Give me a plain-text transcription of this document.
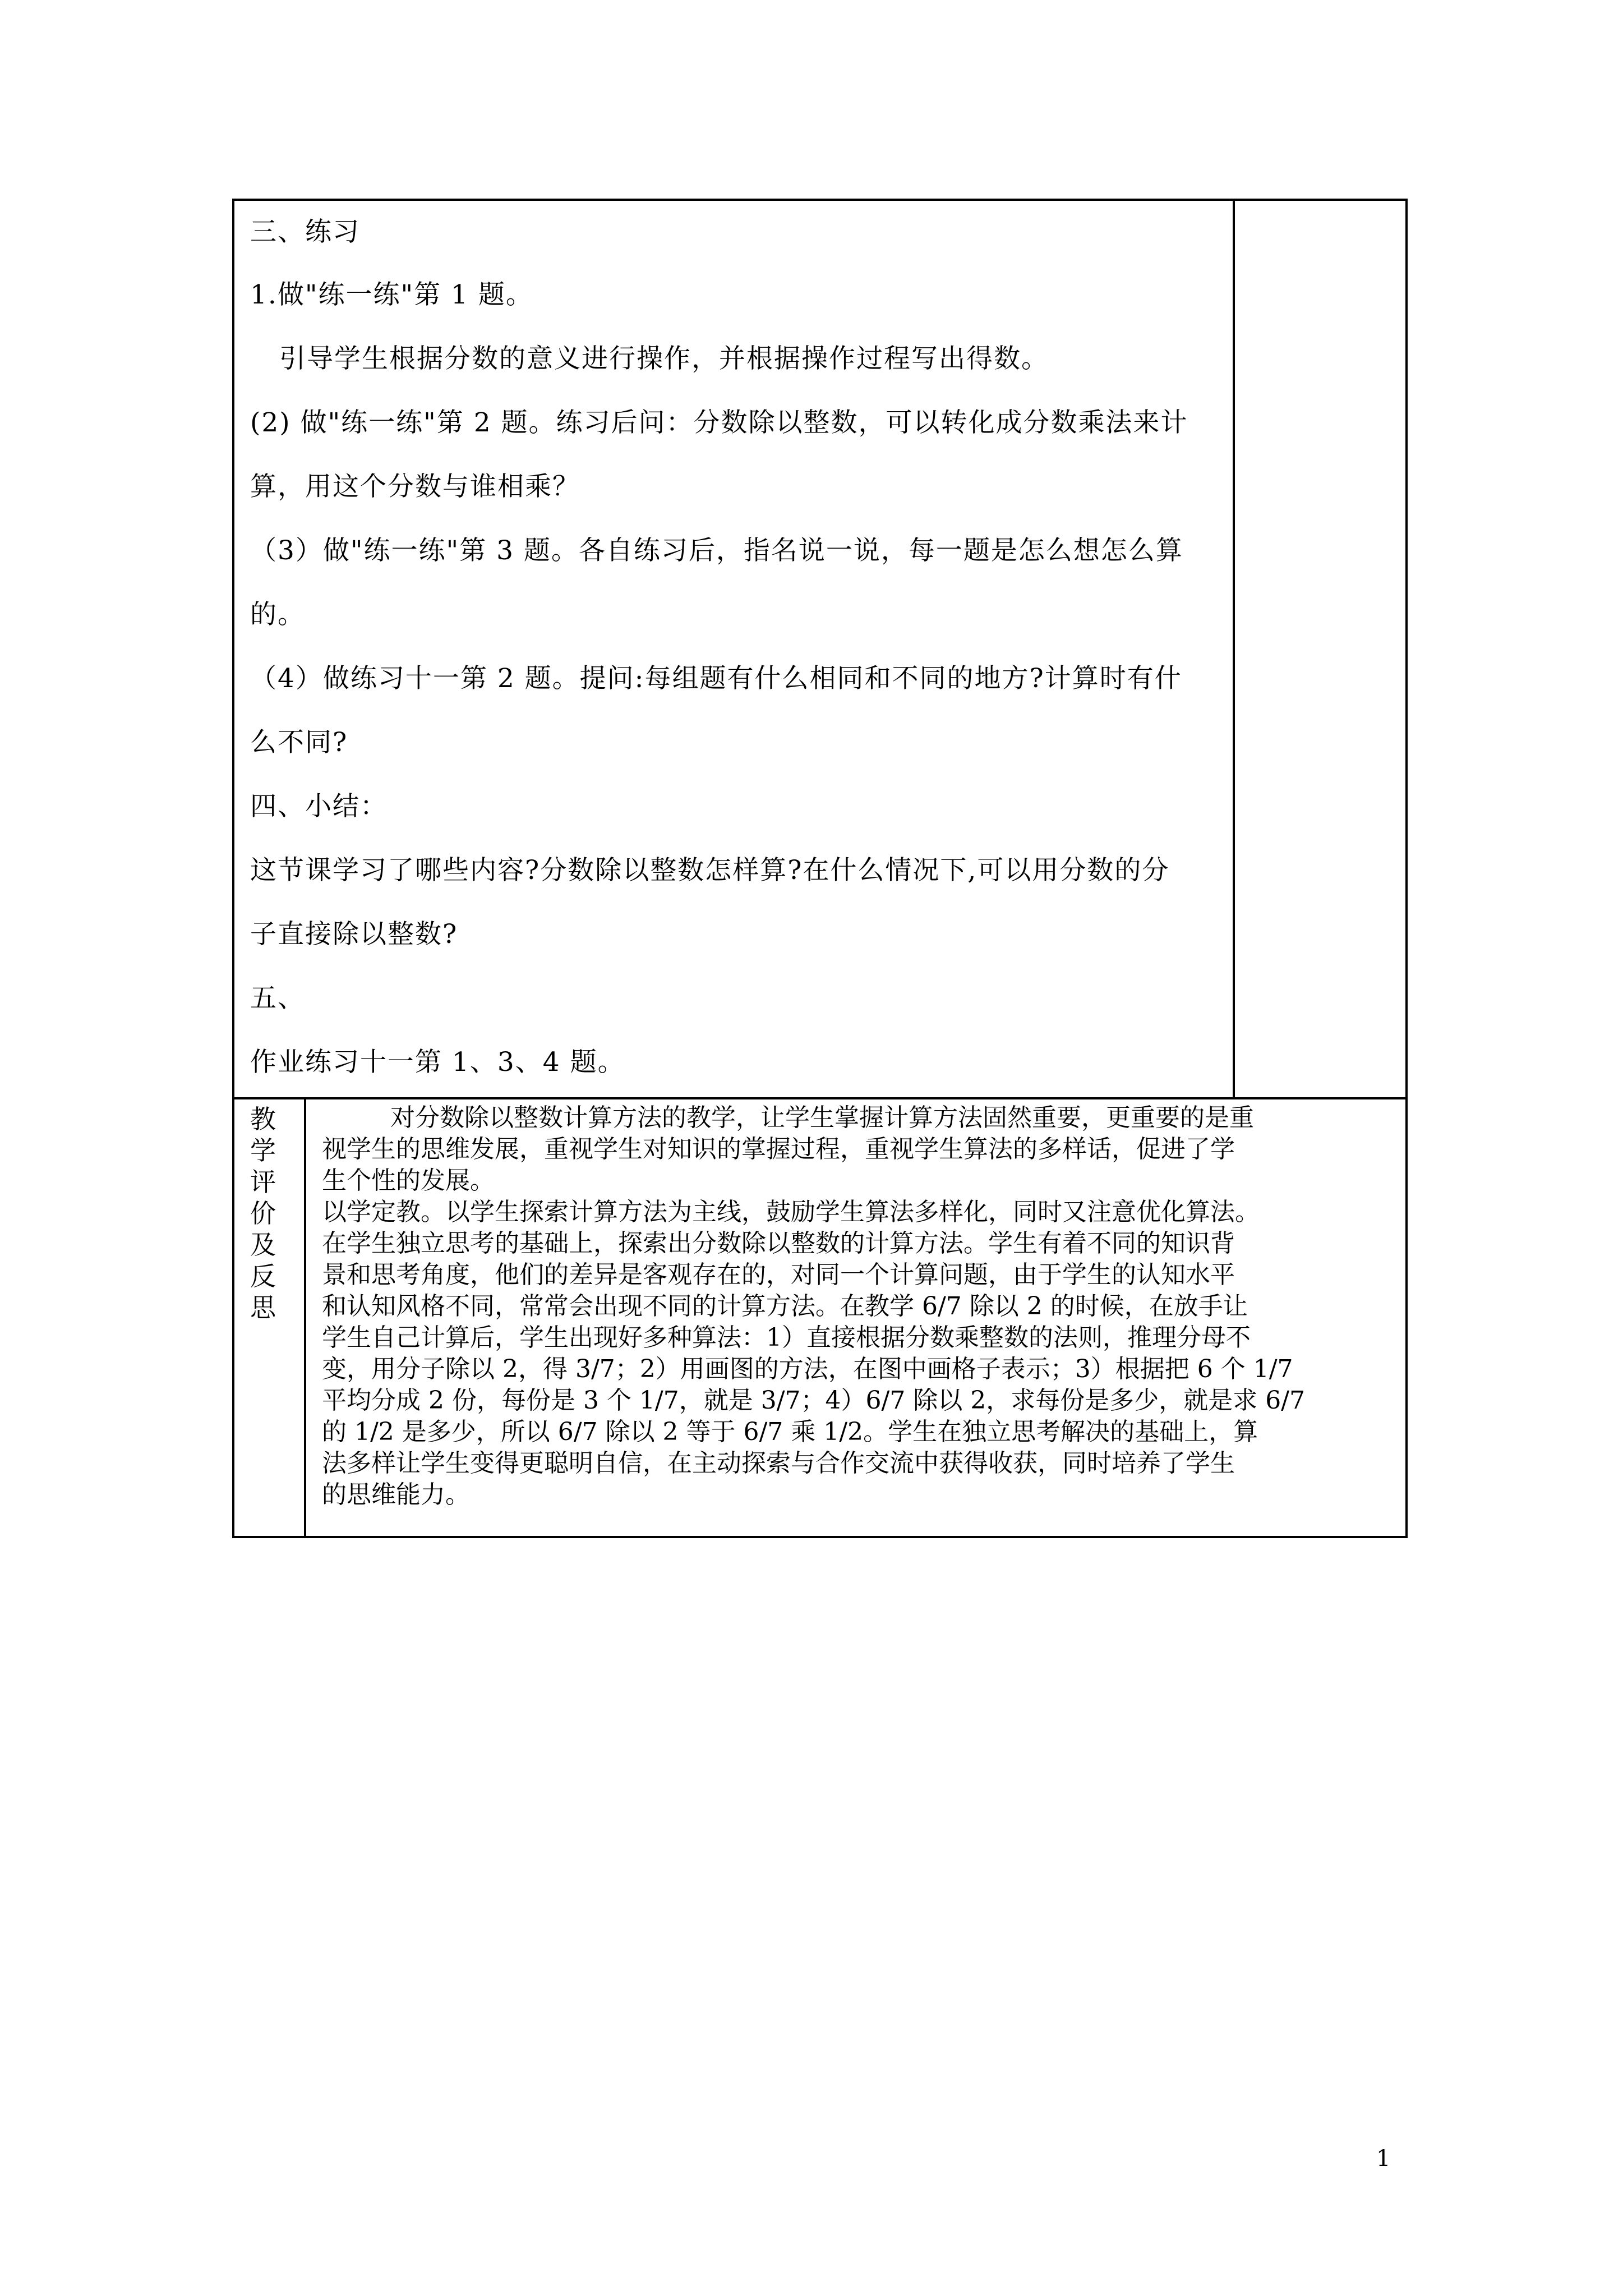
三、练习
1.做"练一练"第 1 题。
引导学生根据分数的意义进行操作，并根据操作过程写出得数。
(2) 做"练一练"第 2 题。练习后问：分数除以整数，可以转化成分数乘法来计
算，用这个分数与谁相乘？
（3）做"练一练"第 3 题。各自练习后，指名说一说，每一题是怎么想怎么算
的。
（4）做练习十一第 2 题。提问:每组题有什么相同和不同的地方?计算时有什
么不同?
四、小结：
这节课学习了哪些内容?分数除以整数怎样算?在什么情况下,可以用分数的分
子直接除以整数?
五、
作业练习十一第 1、3、4 题。
教
学
评
价
及
反
思
对分数除以整数计算方法的教学，让学生掌握计算方法固然重要，更重要的是重
视学生的思维发展，重视学生对知识的掌握过程，重视学生算法的多样话，促进了学
生个性的发展。
以学定教。以学生探索计算方法为主线，鼓励学生算法多样化，同时又注意优化算法。
在学生独立思考的基础上，探索出分数除以整数的计算方法。学生有着不同的知识背
景和思考角度，他们的差异是客观存在的，对同一个计算问题，由于学生的认知水平
和认知风格不同，常常会出现不同的计算方法。在教学 6/7 除以 2 的时候，在放手让
学生自己计算后，学生出现好多种算法：1）直接根据分数乘整数的法则，推理分母不
变，用分子除以 2，得 3/7；2）用画图的方法，在图中画格子表示；3）根据把 6 个 1/7
平均分成 2 份，每份是 3 个 1/7，就是 3/7；4）6/7 除以 2，求每份是多少，就是求 6/7
的 1/2 是多少，所以 6/7 除以 2 等于 6/7 乘 1/2。学生在独立思考解决的基础上，算
法多样让学生变得更聪明自信，在主动探索与合作交流中获得收获，同时培养了学生
的思维能力。
1
